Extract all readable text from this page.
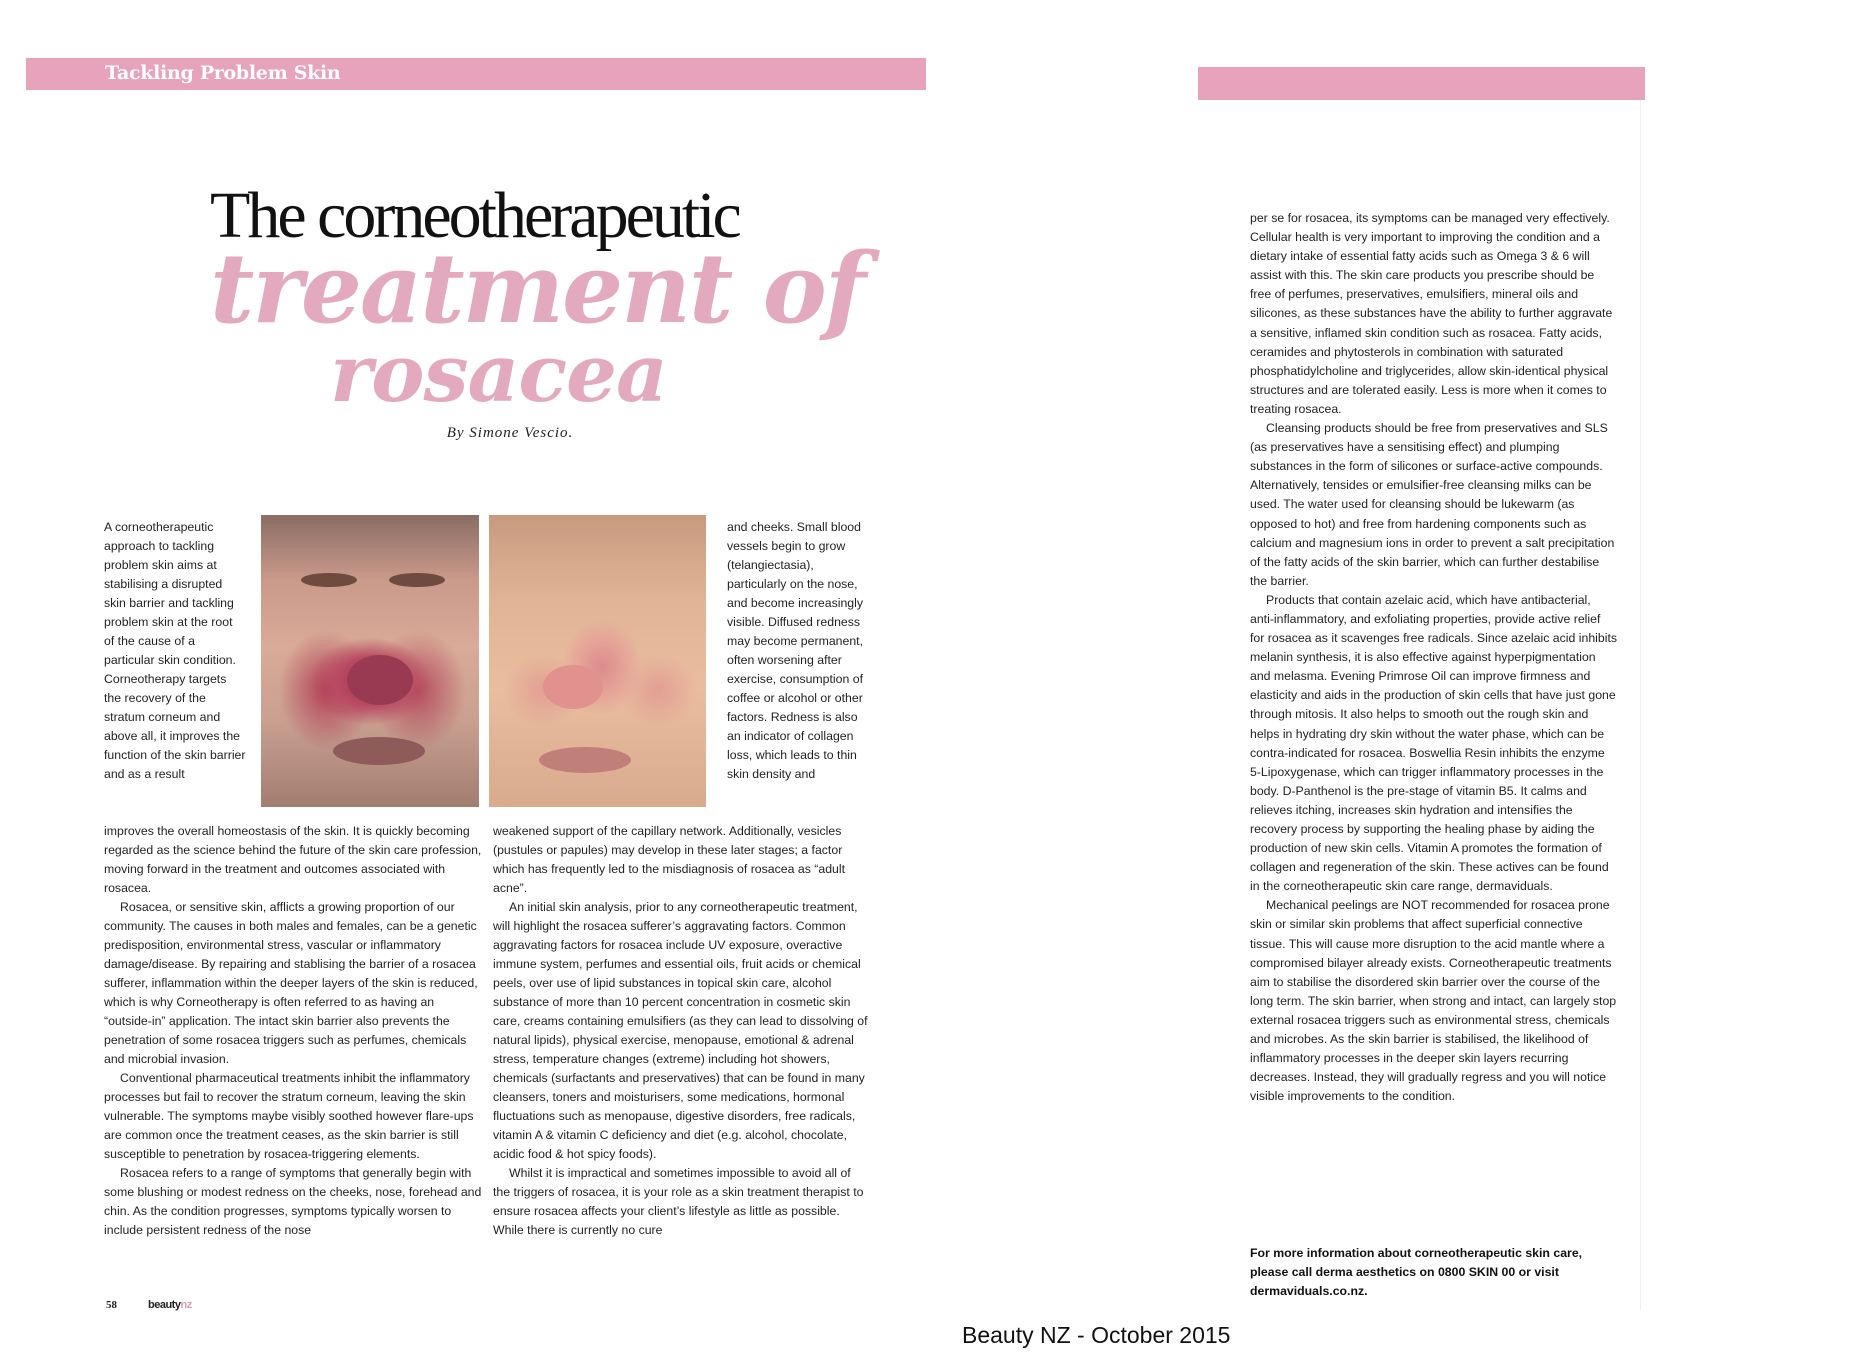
Tackling Problem Skin
The corneotherapeutic
treatment of
rosacea
By Simone Vescio.

A corneotherapeutic approach to tackling problem skin aims at stabilising a disrupted skin barrier and tackling problem skin at the root of the cause of a particular skin condition. Corneotherapy targets the recovery of the stratum corneum and above all, it improves the function of the skin barrier and as a result

and cheeks. Small blood vessels begin to grow (telangiectasia), particularly on the nose, and become increasingly visible. Diffused redness may become permanent, often worsening after exercise, consumption of coffee or alcohol or other factors. Redness is also an indicator of collagen loss, which leads to thin skin density and

improves the overall homeostasis of the skin. It is quickly becoming regarded as the science behind the future of the skin care profession, moving forward in the treatment and outcomes associated with rosacea.

Rosacea, or sensitive skin, afflicts a growing proportion of our community. The causes in both males and females, can be a genetic predisposition, environmental stress, vascular or inflammatory damage/disease. By repairing and stablising the barrier of a rosacea sufferer, inflammation within the deeper layers of the skin is reduced, which is why Corneotherapy is often referred to as having an “outside-in” application. The intact skin barrier also prevents the penetration of some rosacea triggers such as perfumes, chemicals and microbial invasion.

Conventional pharmaceutical treatments inhibit the inflammatory processes but fail to recover the stratum corneum, leaving the skin vulnerable. The symptoms maybe visibly soothed however flare-ups are common once the treatment ceases, as the skin barrier is still susceptible to penetration by rosacea-triggering elements.

Rosacea refers to a range of symptoms that generally begin with some blushing or modest redness on the cheeks, nose, forehead and chin. As the condition progresses, symptoms typically worsen to include persistent redness of the nose

weakened support of the capillary network. Additionally, vesicles (pustules or papules) may develop in these later stages; a factor which has frequently led to the misdiagnosis of rosacea as “adult acne”.

An initial skin analysis, prior to any corneotherapeutic treatment, will highlight the rosacea sufferer’s aggravating factors. Common aggravating factors for rosacea include UV exposure, overactive immune system, perfumes and essential oils, fruit acids or chemical peels, over use of lipid substances in topical skin care, alcohol substance of more than 10 percent concentration in cosmetic skin care, creams containing emulsifiers (as they can lead to dissolving of natural lipids), physical exercise, menopause, emotional & adrenal stress, temperature changes (extreme) including hot showers, chemicals (surfactants and preservatives) that can be found in many cleansers, toners and moisturisers, some medications, hormonal fluctuations such as menopause, digestive disorders, free radicals, vitamin A & vitamin C deficiency and diet (e.g. alcohol, chocolate, acidic food & hot spicy foods).

Whilst it is impractical and sometimes impossible to avoid all of the triggers of rosacea, it is your role as a skin treatment therapist to ensure rosacea affects your client’s lifestyle as little as possible. While there is currently no cure

58	beautynz

per se for rosacea, its symptoms can be managed very effectively. Cellular health is very important to improving the condition and a dietary intake of essential fatty acids such as Omega 3 & 6 will assist with this. The skin care products you prescribe should be free of perfumes, preservatives, emulsifiers, mineral oils and silicones, as these substances have the ability to further aggravate a sensitive, inflamed skin condition such as rosacea. Fatty acids, ceramides and phytosterols in combination with saturated phosphatidylcholine and triglycerides, allow skin-identical physical structures and are tolerated easily. Less is more when it comes to treating rosacea.

Cleansing products should be free from preservatives and SLS (as preservatives have a sensitising effect) and plumping substances in the form of silicones or surface-active compounds. Alternatively, tensides or emulsifier-free cleansing milks can be used. The water used for cleansing should be lukewarm (as opposed to hot) and free from hardening components such as calcium and magnesium ions in order to prevent a salt precipitation of the fatty acids of the skin barrier, which can further destabilise the barrier.

Products that contain azelaic acid, which have antibacterial, anti-inflammatory, and exfoliating properties, provide active relief for rosacea as it scavenges free radicals. Since azelaic acid inhibits melanin synthesis, it is also effective against hyperpigmentation and melasma. Evening Primrose Oil can improve firmness and elasticity and aids in the production of skin cells that have just gone through mitosis. It also helps to smooth out the rough skin and helps in hydrating dry skin without the water phase, which can be contra-indicated for rosacea. Boswellia Resin inhibits the enzyme 5-Lipoxygenase, which can trigger inflammatory processes in the body. D-Panthenol is the pre-stage of vitamin B5. It calms and relieves itching, increases skin hydration and intensifies the recovery process by supporting the healing phase by aiding the production of new skin cells. Vitamin A promotes the formation of collagen and regeneration of the skin. These actives can be found in the corneotherapeutic skin care range, dermaviduals.

Mechanical peelings are NOT recommended for rosacea prone skin or similar skin problems that affect superficial connective tissue. This will cause more disruption to the acid mantle where a compromised bilayer already exists. Corneotherapeutic treatments aim to stabilise the disordered skin barrier over the course of the long term. The skin barrier, when strong and intact, can largely stop external rosacea triggers such as environmental stress, chemicals and microbes. As the skin barrier is stabilised, the likelihood of inflammatory processes in the deeper skin layers recurring decreases. Instead, they will gradually regress and you will notice visible improvements to the condition.

For more information about corneotherapeutic skin care, please call derma aesthetics on 0800 SKIN 00 or visit dermaviduals.co.nz.
Beauty NZ - October 2015
